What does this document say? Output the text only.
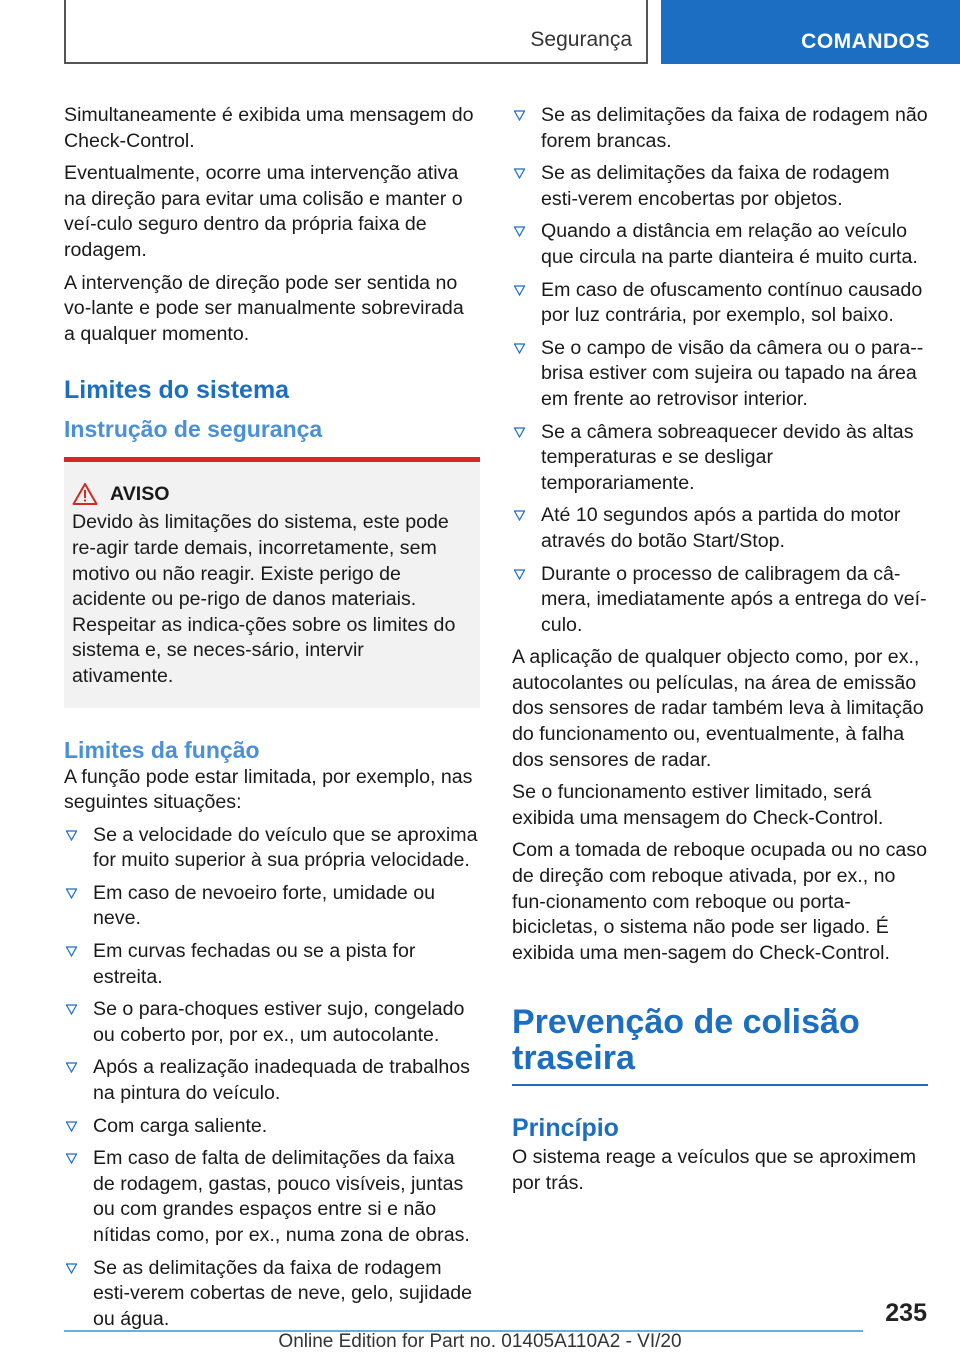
Segurança	COMANDOS

Simultaneamente é exibida uma mensagem do Check-Control.

Eventualmente, ocorre uma intervenção ativa na direção para evitar uma colisão e manter o veí‐culo seguro dentro da própria faixa de rodagem.

A intervenção de direção pode ser sentida no vo‐lante e pode ser manualmente sobrevirada a qualquer momento.

Limites do sistema
Instrução de segurança
AVISO

Devido às limitações do sistema, este pode re‐agir tarde demais, incorretamente, sem motivo ou não reagir. Existe perigo de acidente ou pe‐rigo de danos materiais. Respeitar as indica‐ções sobre os limites do sistema e, se neces‐sário, intervir ativamente.

Limites da função

A função pode estar limitada, por exemplo, nas seguintes situações:

Se a velocidade do veículo que se aproxima for muito superior à sua própria velocidade.
Em caso de nevoeiro forte, umidade ou neve.
Em curvas fechadas ou se a pista for estreita.
Se o para-choques estiver sujo, congelado ou coberto por, por ex., um autocolante.
Após a realização inadequada de trabalhos na pintura do veículo.
Com carga saliente.
Em caso de falta de delimitações da faixa de rodagem, gastas, pouco visíveis, juntas ou com grandes espaços entre si e não nítidas como, por ex., numa zona de obras.
Se as delimitações da faixa de rodagem esti‐verem cobertas de neve, gelo, sujidade ou água.
Se as delimitações da faixa de rodagem não forem brancas.
Se as delimitações da faixa de rodagem esti‐verem encobertas por objetos.
Quando a distância em relação ao veículo que circula na parte dianteira é muito curta.
Em caso de ofuscamento contínuo causado por luz contrária, por exemplo, sol baixo.
Se o campo de visão da câmera ou o para-‐brisa estiver com sujeira ou tapado na área em frente ao retrovisor interior.
Se a câmera sobreaquecer devido às altas temperaturas e se desligar temporariamente.
Até 10 segundos após a partida do motor através do botão Start/Stop.
Durante o processo de calibragem da câ‐mera, imediatamente após a entrega do veí‐culo.

A aplicação de qualquer objecto como, por ex., autocolantes ou películas, na área de emissão dos sensores de radar também leva à limitação do funcionamento ou, eventualmente, à falha dos sensores de radar.

Se o funcionamento estiver limitado, será exibida uma mensagem do Check-Control.

Com a tomada de reboque ocupada ou no caso de direção com reboque ativada, por ex., no fun‐cionamento com reboque ou porta-bicicletas, o sistema não pode ser ligado. É exibida uma men‐sagem do Check-Control.

Prevenção de colisão traseira
Princípio

O sistema reage a veículos que se aproximem por trás.

235
Online Edition for Part no. 01405A110A2 - VI/20
